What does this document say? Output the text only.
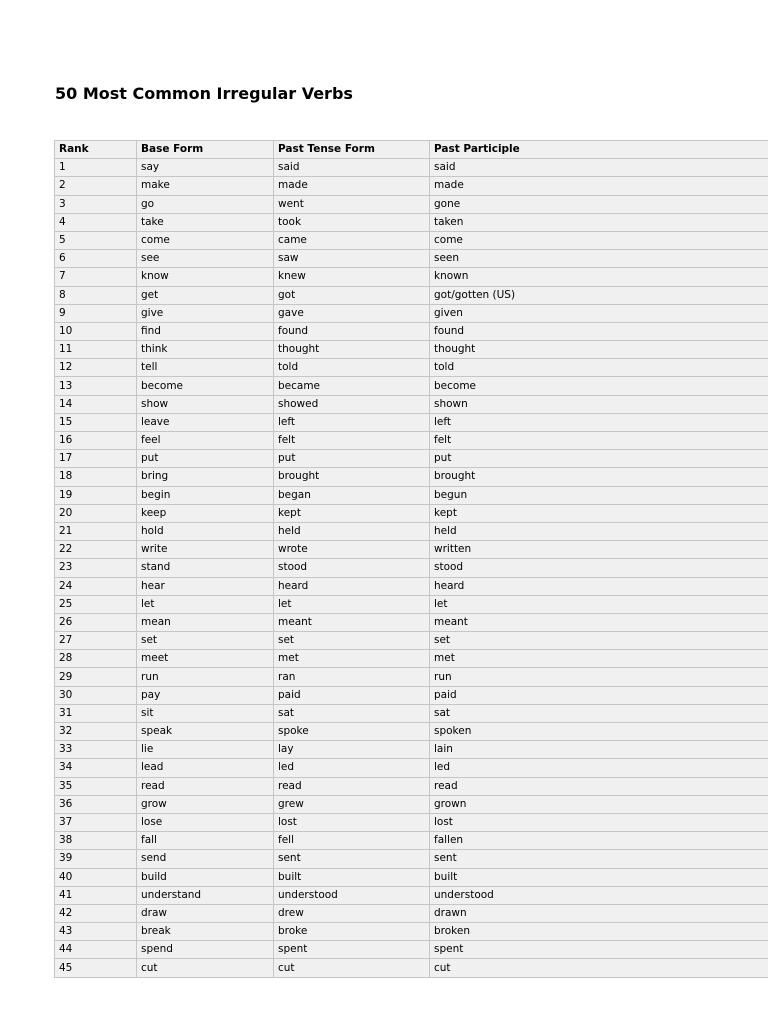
50 Most Common Irregular Verbs
Rank	Base Form	Past Tense Form	Past Participle
1	say	said	said
2	make	made	made
3	go	went	gone
4	take	took	taken
5	come	came	come
6	see	saw	seen
7	know	knew	known
8	get	got	got/gotten (US)
9	give	gave	given
10	find	found	found
11	think	thought	thought
12	tell	told	told
13	become	became	become
14	show	showed	shown
15	leave	left	left
16	feel	felt	felt
17	put	put	put
18	bring	brought	brought
19	begin	began	begun
20	keep	kept	kept
21	hold	held	held
22	write	wrote	written
23	stand	stood	stood
24	hear	heard	heard
25	let	let	let
26	mean	meant	meant
27	set	set	set
28	meet	met	met
29	run	ran	run
30	pay	paid	paid
31	sit	sat	sat
32	speak	spoke	spoken
33	lie	lay	lain
34	lead	led	led
35	read	read	read
36	grow	grew	grown
37	lose	lost	lost
38	fall	fell	fallen
39	send	sent	sent
40	build	built	built
41	understand	understood	understood
42	draw	drew	drawn
43	break	broke	broken
44	spend	spent	spent
45	cut	cut	cut
